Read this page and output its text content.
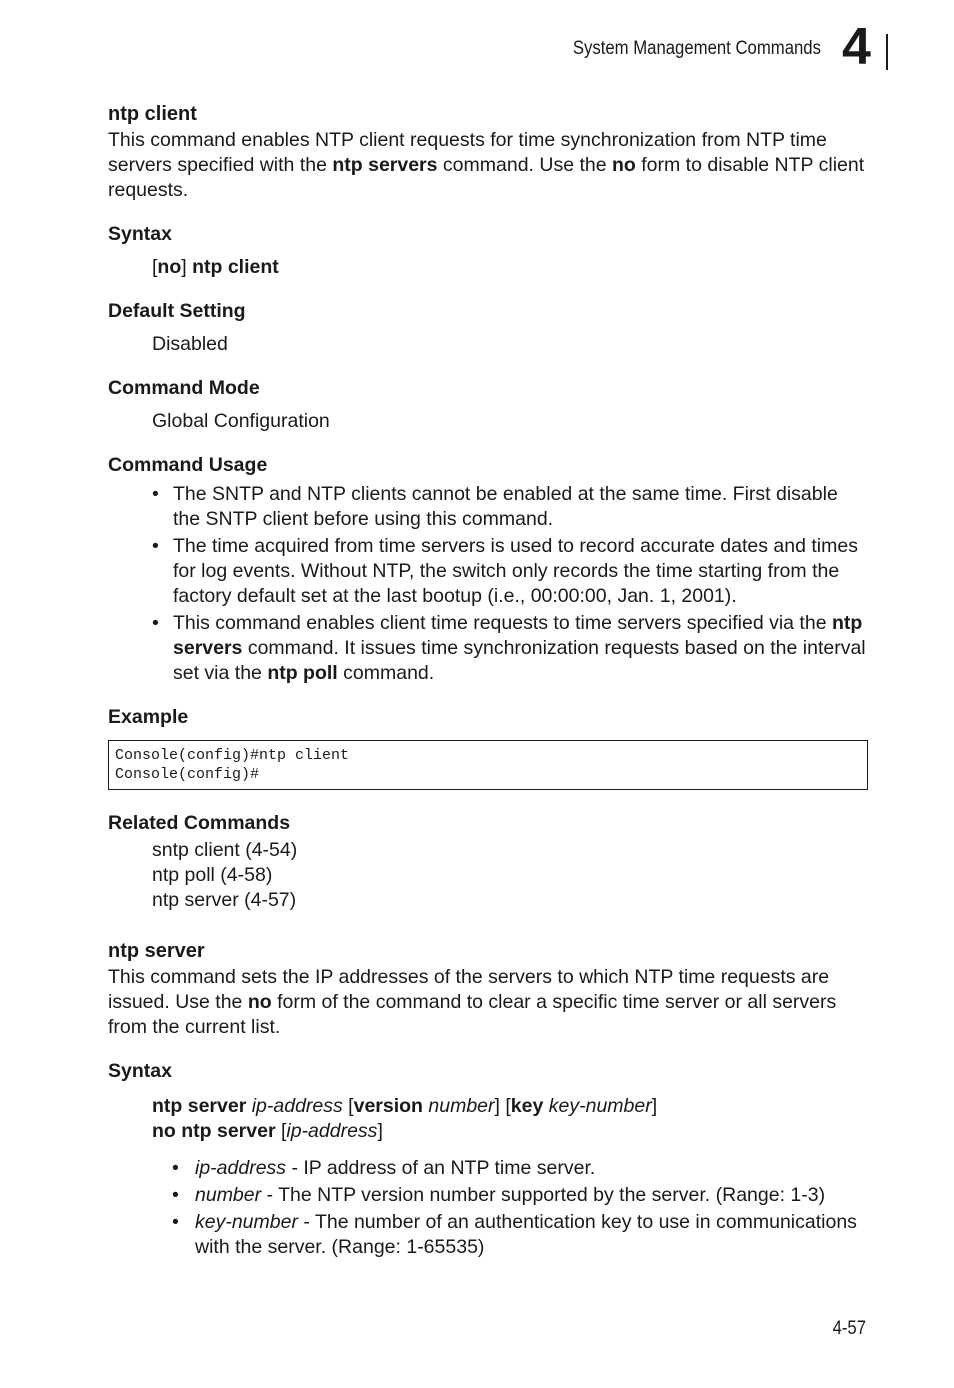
System Management Commands 4
ntp client

This command enables NTP client requests for time synchronization from NTP time servers specified with the ntp servers command. Use the no form to disable NTP client requests.

Syntax
[no] ntp client
Default Setting
Disabled
Command Mode
Global Configuration
Command Usage
• The SNTP and NTP clients cannot be enabled at the same time. First disable the SNTP client before using this command.
• The time acquired from time servers is used to record accurate dates and times for log events. Without NTP, the switch only records the time starting from the factory default set at the last bootup (i.e., 00:00:00, Jan. 1, 2001).
• This command enables client time requests to time servers specified via the ntp servers command. It issues time synchronization requests based on the interval set via the ntp poll command.
Example
Console(config)#ntp client
Console(config)#
Related Commands
sntp client (4-54)
ntp poll (4-58)
ntp server (4-57)
ntp server

This command sets the IP addresses of the servers to which NTP time requests are issued. Use the no form of the command to clear a specific time server or all servers from the current list.

Syntax
ntp server ip-address [version number] [key key-number]
no ntp server [ip-address]
• ip-address - IP address of an NTP time server.
• number - The NTP version number supported by the server. (Range: 1-3)
• key-number - The number of an authentication key to use in communications with the server. (Range: 1-65535)
4-57
